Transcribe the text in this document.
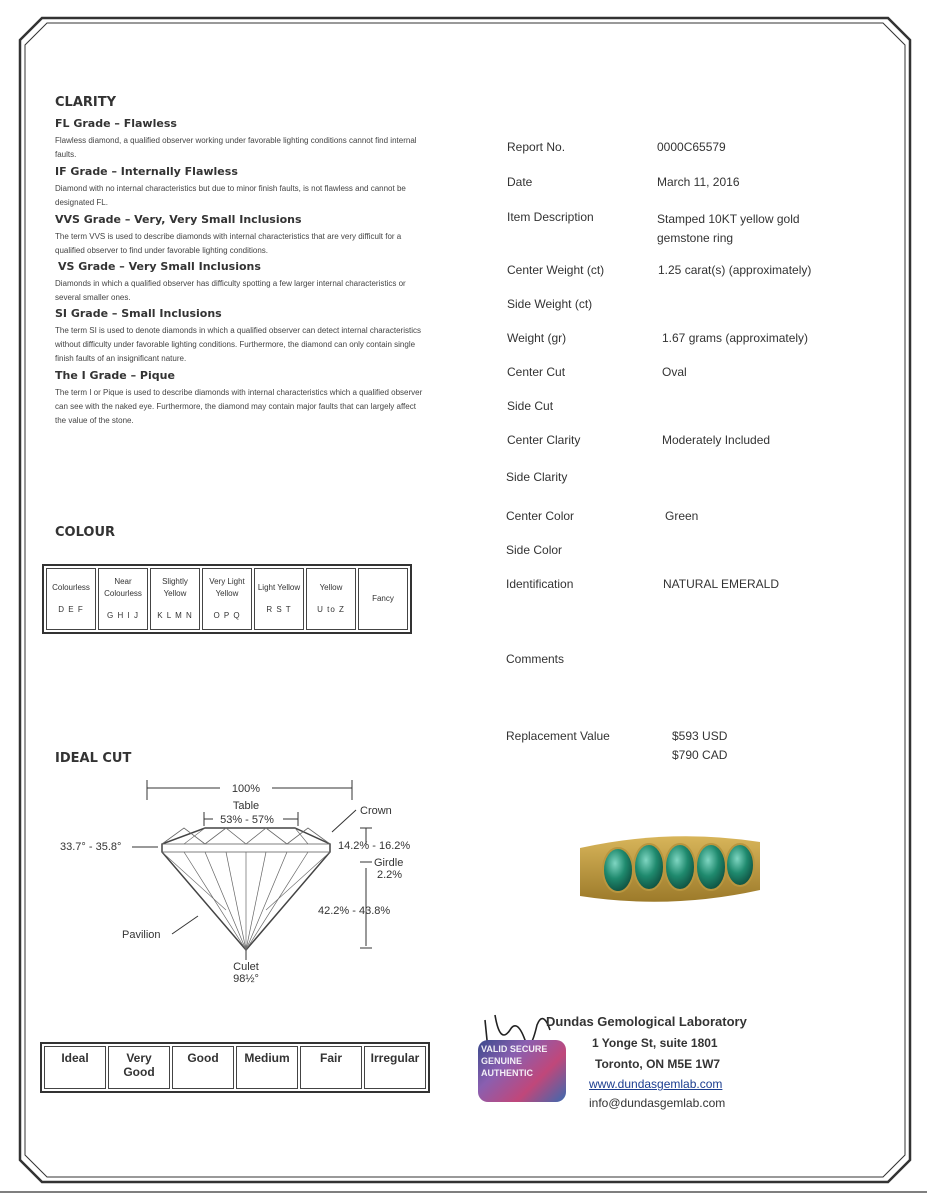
CLARITY
FL Grade – Flawless
Flawless diamond, a qualified observer working under favorable lighting conditions cannot find internal faults.
IF Grade – Internally Flawless
Diamond with no internal characteristics but due to minor finish faults, is not flawless and cannot be designated FL.
VVS Grade – Very, Very Small Inclusions
The term VVS is used to describe diamonds with internal characteristics that are very difficult for a qualified observer to find under favorable lighting conditions.
VS Grade – Very Small Inclusions
Diamonds in which a qualified observer has difficulty spotting a few larger internal characteristics or several smaller ones.
SI Grade – Small Inclusions
The term SI is used to denote diamonds in which a qualified observer can detect internal characteristics without difficulty under favorable lighting conditions. Furthermore, the diamond can only contain single finish faults of an insignificant nature.
The I Grade – Pique
The term I or Pique is used to describe diamonds with internal characteristics which a qualified observer can see with the naked eye. Furthermore, the diamond may contain major faults that can largely affect the value of the stone.
COLOUR
Colourless
D E F
	Near Colourless
G H I J
	Slightly Yellow
K L M N
	Very Light Yellow
O P Q
	Light Yellow
R S T
	Yellow
U to Z
	Fancy
IDEAL CUT
100%
Table
53% - 57%
Crown
33.7° - 35.8°	14.2% - 16.2%
Girdle
2.2%
42.2% - 43.8%
Pavilion
Culet
98½°
Ideal	Very Good	Good	Medium	Fair	Irregular
Report No.	0000C65579
Date	March 11, 2016
Item Description	Stamped 10KT yellow gold gemstone ring
Center Weight (ct)	1.25 carat(s) (approximately)
Side Weight (ct)
Weight (gr)	1.67 grams (approximately)
Center Cut	Oval
Side Cut
Center Clarity	Moderately Included
Side Clarity
Center Color	Green
Side Color
Identification	NATURAL EMERALD
Comments
Replacement Value	$593 USD
$790 CAD
VALID SECURE GENUINE AUTHENTIC
Dundas Gemological Laboratory
1 Yonge St, suite 1801
Toronto, ON M5E 1W7
www.dundasgemlab.com
info@dundasgemlab.com
